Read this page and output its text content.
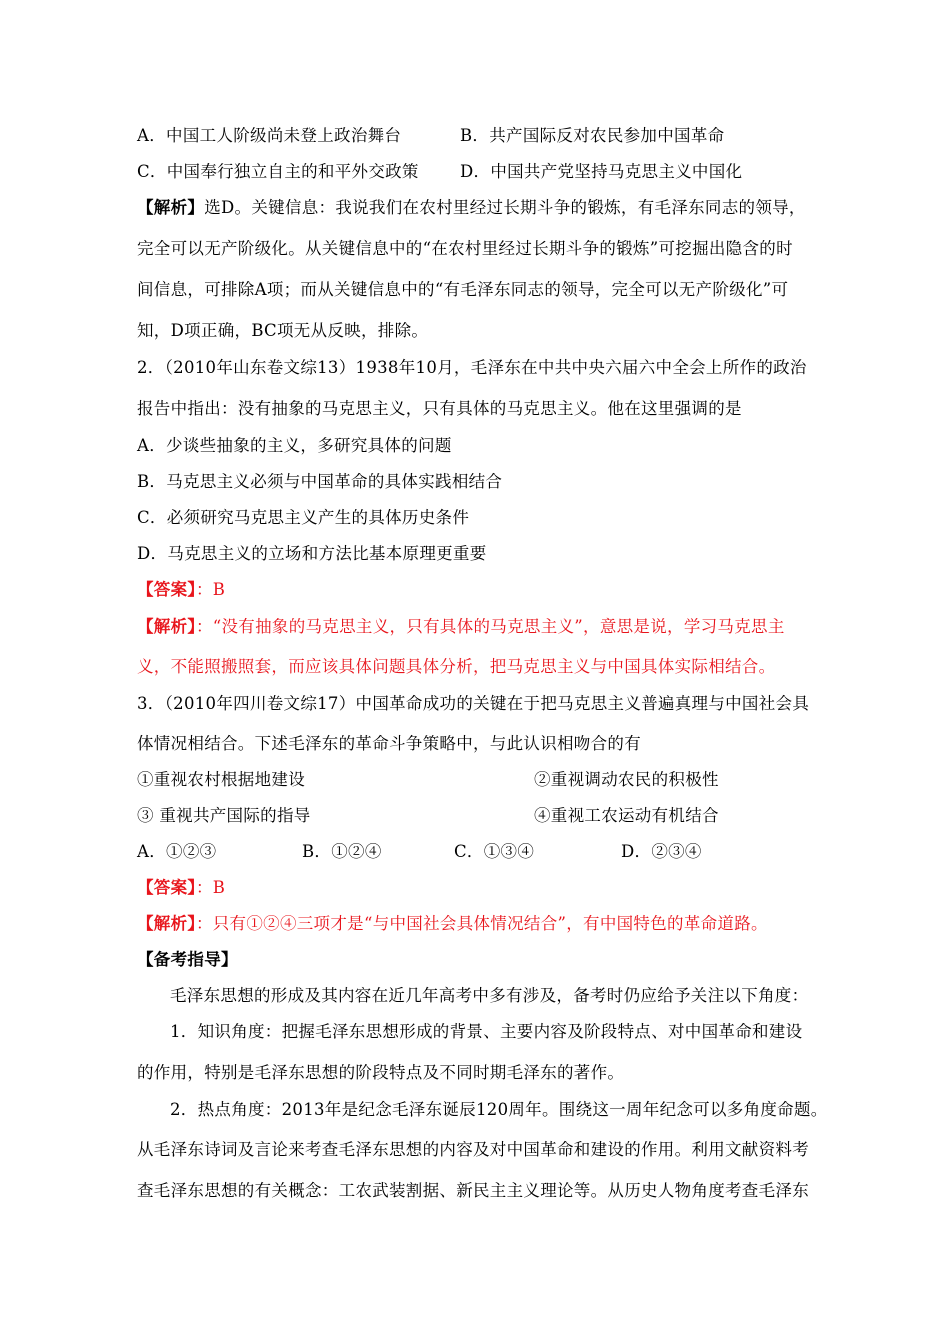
A．中国工人阶级尚未登上政治舞台	B．共产国际反对农民参加中国革命
C．中国奉行独立自主的和平外交政策	D．中国共产党坚持马克思主义中国化
【解析】选D。关键信息：我说我们在农村里经过长期斗争的锻炼，有毛泽东同志的领导，
完全可以无产阶级化。从关键信息中的“在农村里经过长期斗争的锻炼”可挖掘出隐含的时
间信息，可排除A项；而从关键信息中的“有毛泽东同志的领导，完全可以无产阶级化”可
知，D项正确，BC项无从反映，排除。
2．（2010年山东卷文综13）1938年10月，毛泽东在中共中央六届六中全会上所作的政治
报告中指出：没有抽象的马克思主义，只有具体的马克思主义。他在这里强调的是
A．少谈些抽象的主义，多研究具体的问题
B．马克思主义必须与中国革命的具体实践相结合
C．必须研究马克思主义产生的具体历史条件
D．马克思主义的立场和方法比基本原理更重要
【答案】：B
【解析】：“没有抽象的马克思主义，只有具体的马克思主义”，意思是说，学习马克思主
义，不能照搬照套，而应该具体问题具体分析，把马克思主义与中国具体实际相结合。
3．（2010年四川卷文综17）中国革命成功的关键在于把马克思主义普遍真理与中国社会具
体情况相结合。下述毛泽东的革命斗争策略中，与此认识相吻合的有
①重视农村根据地建设	②重视调动农民的积极性
③ 重视共产国际的指导	④重视工农运动有机结合
A．①②③	B．①②④	C．①③④	D．②③④
【答案】：B
【解析】：只有①②④三项才是“与中国社会具体情况结合”，有中国特色的革命道路。
【备考指导】
毛泽东思想的形成及其内容在近几年高考中多有涉及，备考时仍应给予关注以下角度：
1．知识角度：把握毛泽东思想形成的背景、主要内容及阶段特点、对中国革命和建设
的作用，特别是毛泽东思想的阶段特点及不同时期毛泽东的著作。
2．热点角度：2013年是纪念毛泽东诞辰120周年。围绕这一周年纪念可以多角度命题。
从毛泽东诗词及言论来考查毛泽东思想的内容及对中国革命和建设的作用。利用文献资料考
查毛泽东思想的有关概念：工农武装割据、新民主主义理论等。从历史人物角度考查毛泽东
